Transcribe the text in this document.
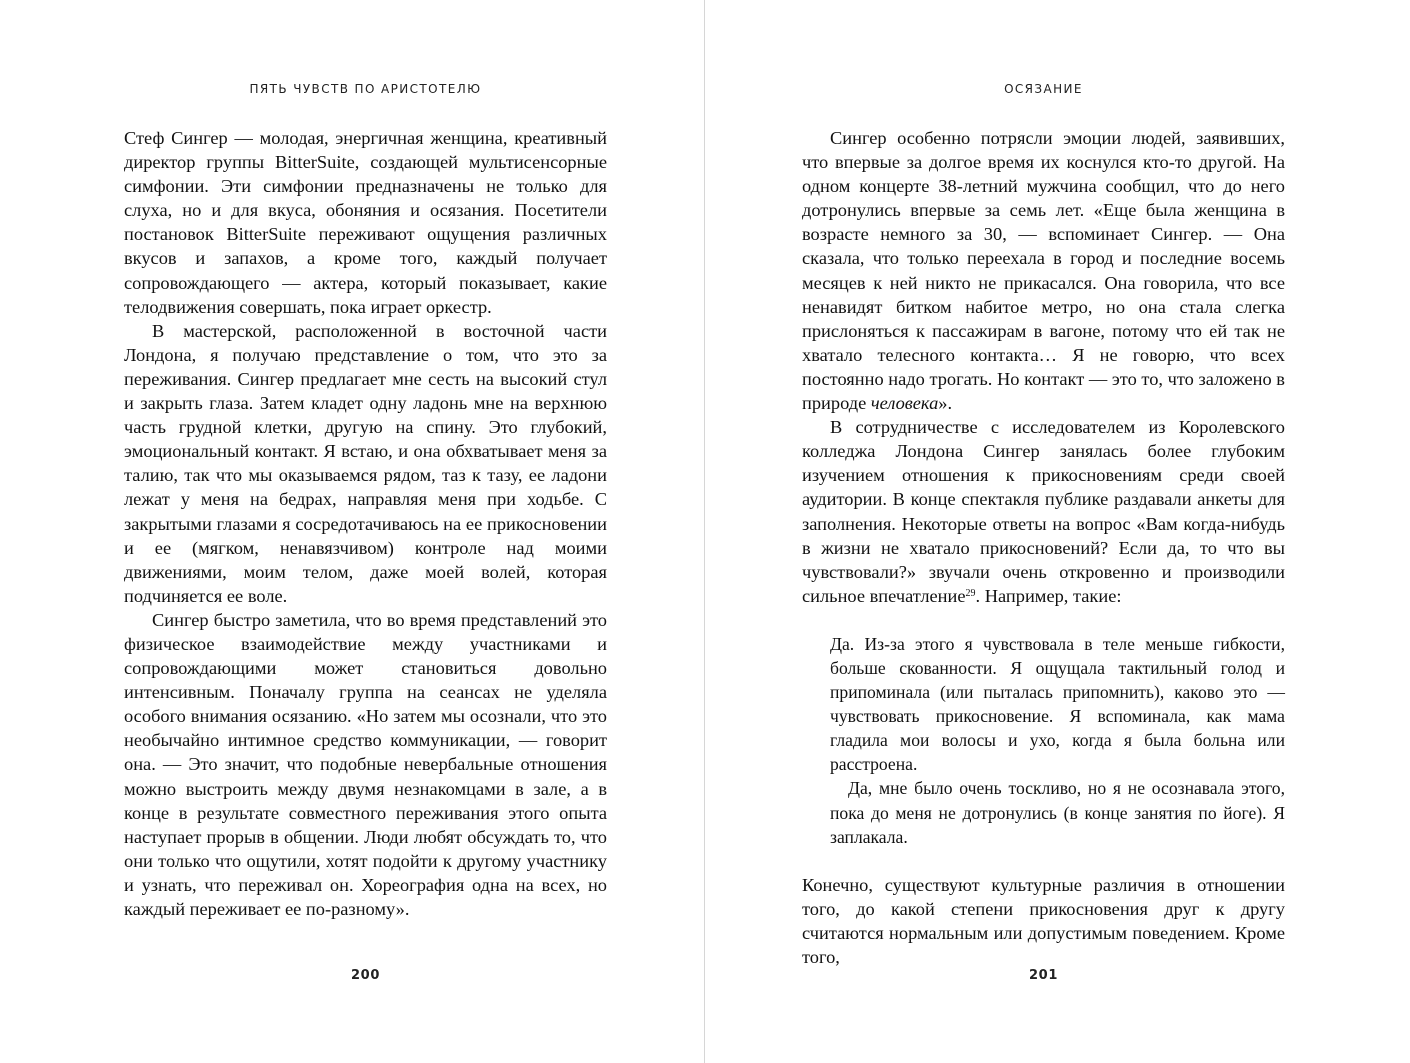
ПЯТЬ ЧУВСТВ ПО АРИСТОТЕЛЮ

Стеф Сингер — молодая, энергичная женщина, креативный директор группы BitterSuite, создающей мультисенсорные симфонии. Эти симфонии предназначены не только для слуха, но и для вкуса, обоняния и осязания. Посетители постановок BitterSuite переживают ощущения различных вкусов и запахов, а кроме того, каждый получает сопровождающего — актера, который показывает, какие телодвижения совершать, пока играет оркестр.

В мастерской, расположенной в восточной части Лондона, я получаю представление о том, что это за переживания. Сингер предлагает мне сесть на высокий стул и закрыть глаза. Затем кладет одну ладонь мне на верхнюю часть грудной клетки, другую на спину. Это глубокий, эмоциональный контакт. Я встаю, и она обхватывает меня за талию, так что мы оказываемся рядом, таз к тазу, ее ладони лежат у меня на бедрах, направляя меня при ходьбе. С закрытыми глазами я сосредотачиваюсь на ее прикосновении и ее (мягком, ненавязчивом) контроле над моими движениями, моим телом, даже моей волей, которая подчиняется ее воле.

Сингер быстро заметила, что во время представлений это физическое взаимодействие между участниками и сопровождающими может становиться довольно интенсивным. Поначалу группа на сеансах не уделяла особого внимания осязанию. «Но затем мы осознали, что это необычайно интимное средство коммуникации, — говорит она. — Это значит, что подобные невербальные отношения можно выстроить между двумя незнакомцами в зале, а в конце в результате совместного переживания этого опыта наступает прорыв в общении. Люди любят обсуждать то, что они только что ощутили, хотят подойти к другому участнику и узнать, что переживал он. Хореография одна на всех, но каждый переживает ее по-разному».

200
ОСЯЗАНИЕ

Сингер особенно потрясли эмоции людей, заявивших, что впервые за долгое время их коснулся кто-то другой. На одном концерте 38-летний мужчина сообщил, что до него дотронулись впервые за семь лет. «Еще была женщина в возрасте немного за 30, — вспоминает Сингер. — Она сказала, что только переехала в город и последние восемь месяцев к ней никто не прикасался. Она говорила, что все ненавидят битком набитое метро, но она стала слегка прислоняться к пассажирам в вагоне, потому что ей так не хватало телесного контакта… Я не говорю, что всех постоянно надо трогать. Но контакт — это то, что заложено в природе человека».

В сотрудничестве с исследователем из Королевского колледжа Лондона Сингер занялась более глубоким изучением отношения к прикосновениям среди своей аудитории. В конце спектакля публике раздавали анкеты для заполнения. Некоторые ответы на вопрос «Вам когда-нибудь в жизни не хватало прикосновений? Если да, то что вы чувствовали?» звучали очень откровенно и производили сильное впечатление$^{29}$. Например, такие:

Да. Из-за этого я чувствовала в теле меньше гибкости, больше скованности. Я ощущала тактильный голод и припоминала (или пыталась припомнить), каково это — чувствовать прикосновение. Я вспоминала, как мама гладила мои волосы и ухо, когда я была больна или расстроена.

Да, мне было очень тоскливо, но я не осознавала этого, пока до меня не дотронулись (в конце занятия по йоге). Я заплакала.

Конечно, существуют культурные различия в отношении того, до какой степени прикосновения друг к другу считаются нормальным или допустимым поведением. Кроме того,

201
